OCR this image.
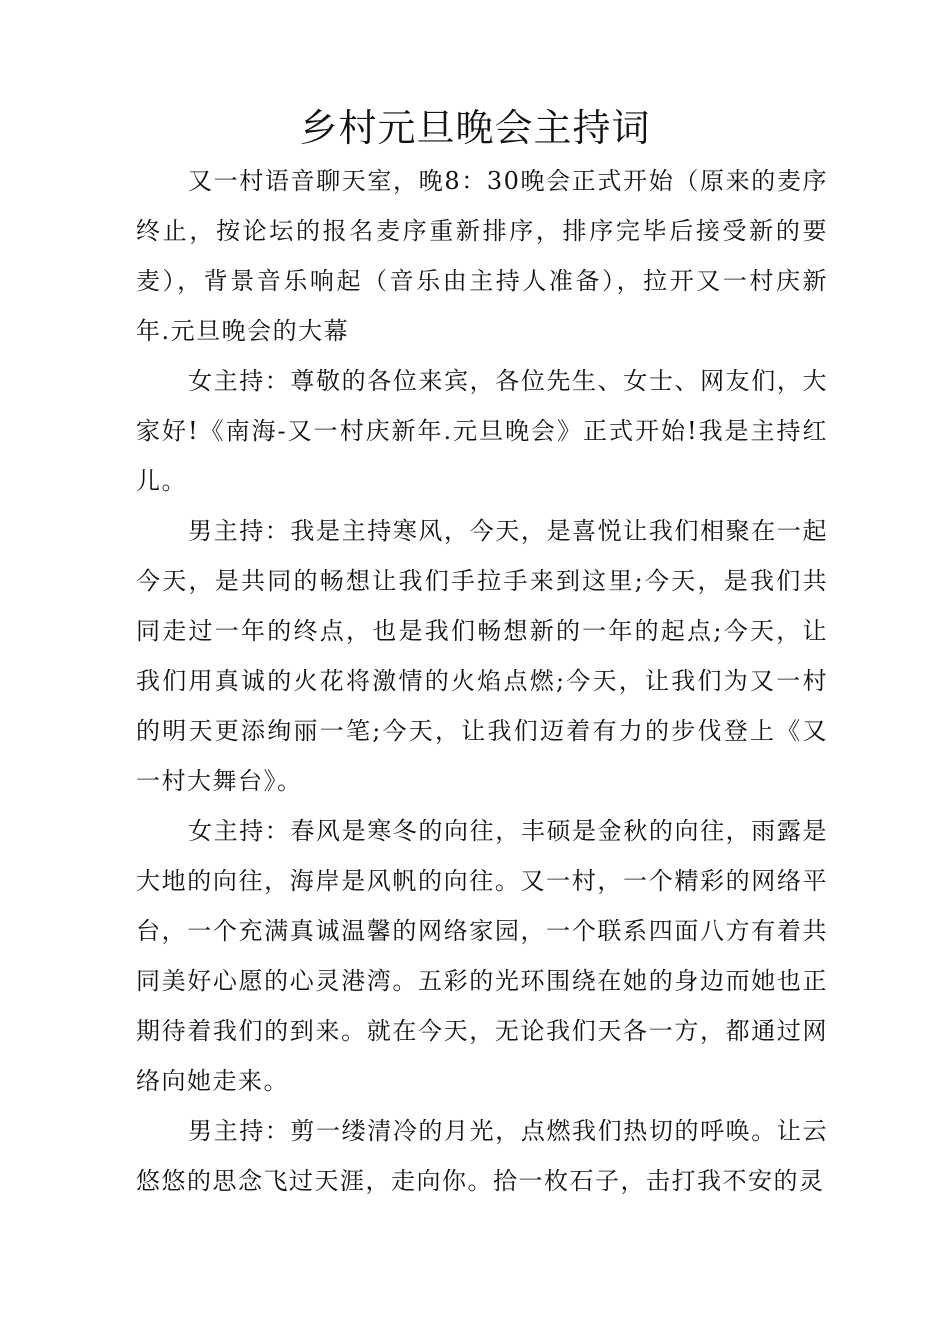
乡村元旦晚会主持词

又一村语音聊天室，晚8：30晚会正式开始（原来的麦序终止，按论坛的报名麦序重新排序，排序完毕后接受新的要麦），背景音乐响起（音乐由主持人准备），拉开又一村庆新年.元旦晚会的大幕

女主持：尊敬的各位来宾，各位先生、女士、网友们，大家好!《南海-又一村庆新年.元旦晚会》正式开始!我是主持红儿。

男主持：我是主持寒风，今天，是喜悦让我们相聚在一起今天，是共同的畅想让我们手拉手来到这里;今天，是我们共同走过一年的终点，也是我们畅想新的一年的起点;今天，让我们用真诚的火花将激情的火焰点燃;今天，让我们为又一村的明天更添绚丽一笔;今天，让我们迈着有力的步伐登上《又一村大舞台》。

女主持：春风是寒冬的向往，丰硕是金秋的向往，雨露是大地的向往，海岸是风帆的向往。又一村，一个精彩的网络平台，一个充满真诚温馨的网络家园，一个联系四面八方有着共同美好心愿的心灵港湾。五彩的光环围绕在她的身边而她也正期待着我们的到来。就在今天，无论我们天各一方，都通过网络向她走来。

男主持：剪一缕清冷的月光，点燃我们热切的呼唤。让云悠悠的思念飞过天涯，走向你。拾一枚石子，击打我不安的灵
